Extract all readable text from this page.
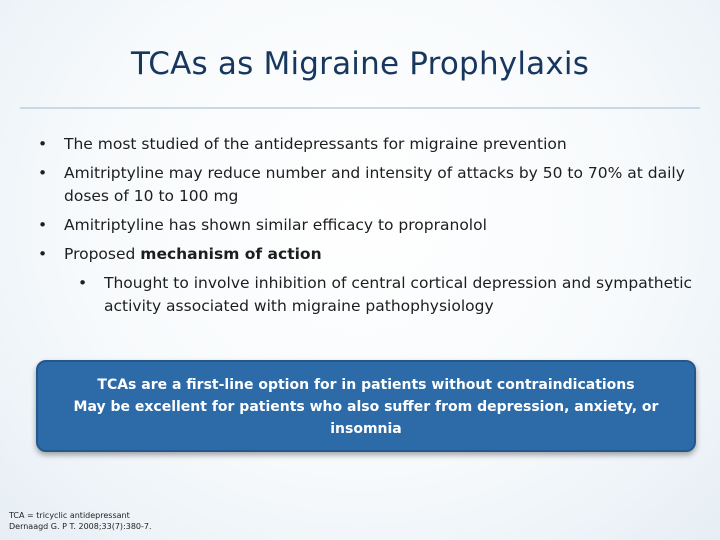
TCAs as Migraine Prophylaxis
• The most studied of the antidepressants for migraine prevention
• Amitriptyline may reduce number and intensity of attacks by 50 to 70% at daily doses of 10 to 100 mg
• Amitriptyline has shown similar efficacy to propranolol
• Proposed mechanism of action
• Thought to involve inhibition of central cortical depression and sympathetic activity associated with migraine pathophysiology
TCAs are a first-line option for in patients without contraindications
May be excellent for patients who also suffer from depression, anxiety, or insomnia
TCA = tricyclic antidepressant
Dernaagd G. P T. 2008;33(7):380-7.
